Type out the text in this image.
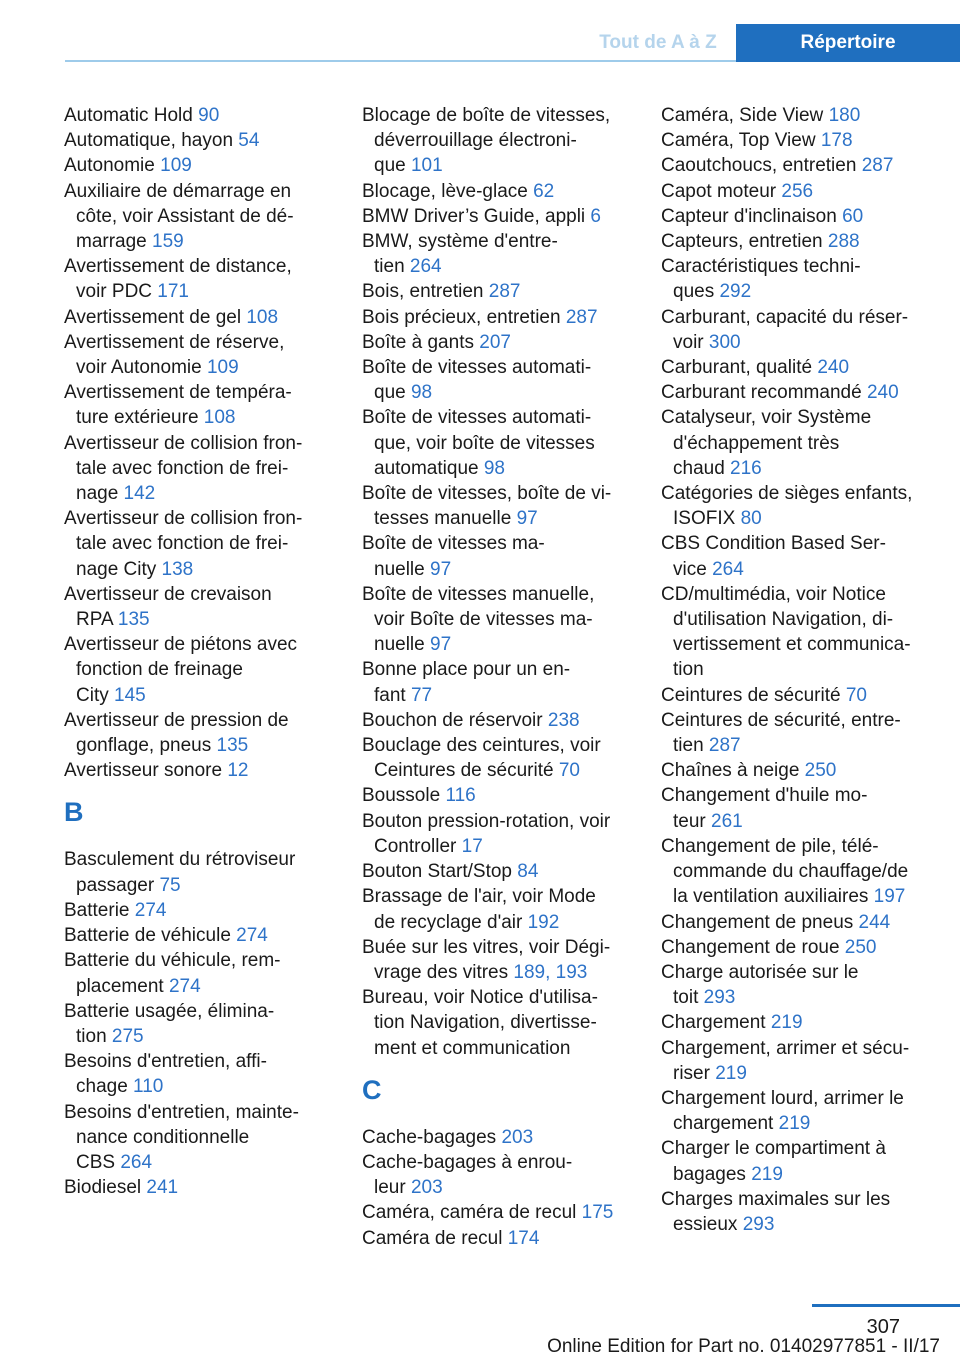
Tout de A à Z	Répertoire
Automatic Hold 90
Automatique, hayon 54
Autonomie 109
Auxiliaire de démarrage en
côte, voir Assistant de dé-
marrage 159
Avertissement de distance,
voir PDC 171
Avertissement de gel 108
Avertissement de réserve,
voir Autonomie 109
Avertissement de tempéra-
ture extérieure 108
Avertisseur de collision fron-
tale avec fonction de frei-
nage 142
Avertisseur de collision fron-
tale avec fonction de frei-
nage City 138
Avertisseur de crevaison
RPA 135
Avertisseur de piétons avec
fonction de freinage
City 145
Avertisseur de pression de
gonflage, pneus 135
Avertisseur sonore 12
B
Basculement du rétroviseur
passager 75
Batterie 274
Batterie de véhicule 274
Batterie du véhicule, rem-
placement 274
Batterie usagée, élimina-
tion 275
Besoins d'entretien, affi-
chage 110
Besoins d'entretien, mainte-
nance conditionnelle
CBS 264
Biodiesel 241
Blocage de boîte de vitesses,
déverrouillage électroni-
que 101
Blocage, lève-glace 62
BMW Driver’s Guide, appli 6
BMW, système d'entre-
tien 264
Bois, entretien 287
Bois précieux, entretien 287
Boîte à gants 207
Boîte de vitesses automati-
que 98
Boîte de vitesses automati-
que, voir boîte de vitesses
automatique 98
Boîte de vitesses, boîte de vi-
tesses manuelle 97
Boîte de vitesses ma-
nuelle 97
Boîte de vitesses manuelle,
voir Boîte de vitesses ma-
nuelle 97
Bonne place pour un en-
fant 77
Bouchon de réservoir 238
Bouclage des ceintures, voir
Ceintures de sécurité 70
Boussole 116
Bouton pression-rotation, voir
Controller 17
Bouton Start/Stop 84
Brassage de l'air, voir Mode
de recyclage d'air 192
Buée sur les vitres, voir Dégi-
vrage des vitres 189, 193
Bureau, voir Notice d'utilisa-
tion Navigation, divertisse-
ment et communication
C
Cache-bagages 203
Cache-bagages à enrou-
leur 203
Caméra, caméra de recul 175
Caméra de recul 174
Caméra, Side View 180
Caméra, Top View 178
Caoutchoucs, entretien 287
Capot moteur 256
Capteur d'inclinaison 60
Capteurs, entretien 288
Caractéristiques techni-
ques 292
Carburant, capacité du réser-
voir 300
Carburant, qualité 240
Carburant recommandé 240
Catalyseur, voir Système
d'échappement très
chaud 216
Catégories de sièges enfants,
ISOFIX 80
CBS Condition Based Ser-
vice 264
CD/multimédia, voir Notice
d'utilisation Navigation, di-
vertissement et communica-
tion
Ceintures de sécurité 70
Ceintures de sécurité, entre-
tien 287
Chaînes à neige 250
Changement d'huile mo-
teur 261
Changement de pile, télé-
commande du chauffage/de
la ventilation auxiliaires 197
Changement de pneus 244
Changement de roue 250
Charge autorisée sur le
toit 293
Chargement 219
Chargement, arrimer et sécu-
riser 219
Chargement lourd, arrimer le
chargement 219
Charger le compartiment à
bagages 219
Charges maximales sur les
essieux 293
307
Online Edition for Part no. 01402977851 - II/17
